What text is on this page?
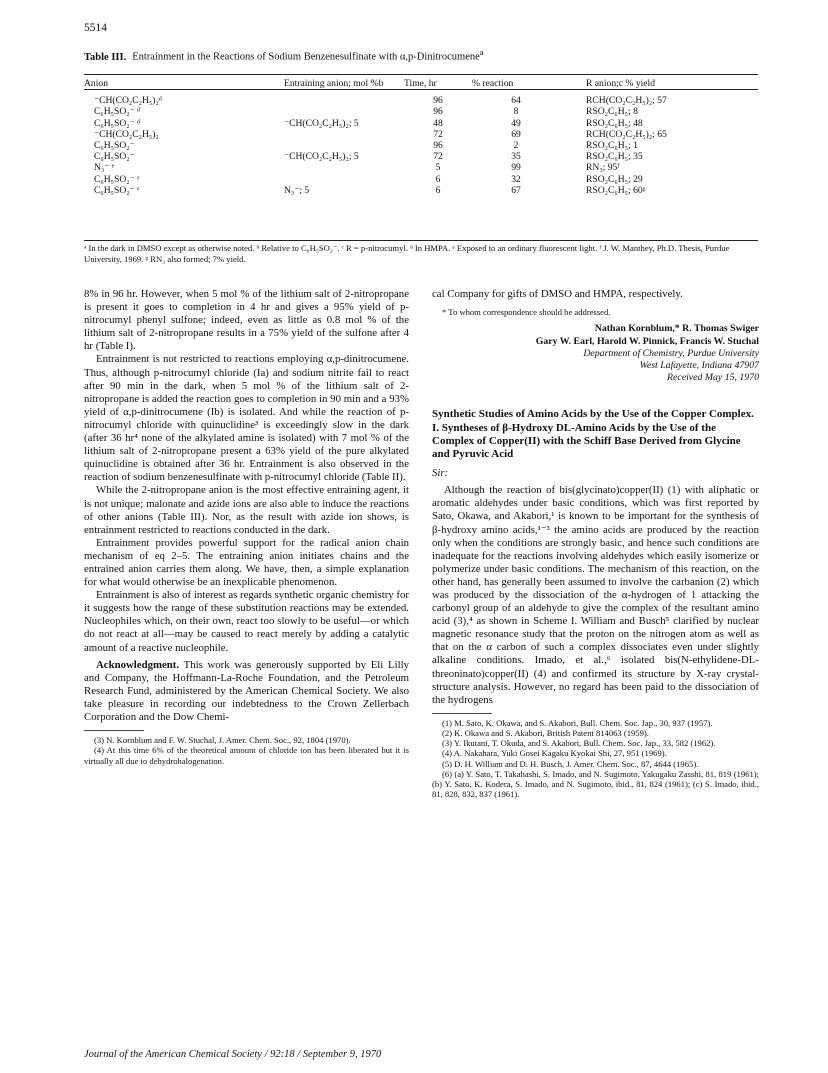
5514
Table III. Entrainment in the Reactions of Sodium Benzenesulfinate with α,p-Dinitrocumene$^a$
Anion	Entraining anion; mol %b	Time, hr	% reaction	R anion;c % yield

⁻CH(CO₂C₂H₅)₂ᵈ		96	64	RCH(CO₂C₂H₅)₂; 57
C₆H₅SO₂⁻ ᵈ		96	8	RSO₂C₆H₅; 8
C₆H₅SO₂⁻ ᵈ	⁻CH(CO₂C₂H₅)₂; 5	48	49	RSO₂C₆H₅; 48
⁻CH(CO₂C₂H₅)₂		72	69	RCH(CO₂C₂H₅)₂; 65
C₆H₅SO₂⁻		96	2	RSO₂C₆H₅; 1
C₆H₅SO₂⁻	⁻CH(CO₂C₂H₅)₂; 5	72	35	RSO₂C₆H₅; 35
N₃⁻ ᵉ		5	99	RN₃; 95ᶠ
C₆H₅SO₂⁻ ᵉ		6	32	RSO₂C₆H₅; 29
C₆H₅SO₂⁻ ᵉ	N₃⁻; 5	6	67	RSO₂C₆H₅; 60ᵍ
ᵃ In the dark in DMSO except as otherwise noted. ᵇ Relative to C₆H₅SO₂⁻. ᶜ R = p-nitrocumyl. ᵈ In HMPA. ᵉ Exposed to an ordinary fluorescent light. ᶠ J. W. Manthey, Ph.D. Thesis, Purdue University, 1969. ᵍ RN₃ also formed; 7% yield.

8% in 96 hr. However, when 5 mol % of the lithium salt of 2-nitropropane is present it goes to completion in 4 hr and gives a 95% yield of p-nitrocumyl phenyl sulfone; indeed, even as little as 0.8 mol % of the lithium salt of 2-nitropropane results in a 75% yield of the sulfone after 4 hr (Table I).

Entrainment is not restricted to reactions employing α,p-dinitrocumene. Thus, although p-nitrocumyl chloride (Ia) and sodium nitrite fail to react after 90 min in the dark, when 5 mol % of the lithium salt of 2-nitropropane is added the reaction goes to completion in 90 min and a 93% yield of α,p-dinitrocumene (Ib) is isolated. And while the reaction of p-nitrocumyl chloride with quinuclidine³ is exceedingly slow in the dark (after 36 hr⁴ none of the alkylated amine is isolated) with 7 mol % of the lithium salt of 2-nitropropane present a 63% yield of the pure alkylated quinuclidine is obtained after 36 hr. Entrainment is also observed in the reaction of sodium benzenesulfinate with p-nitrocumyl chloride (Table II).

While the 2-nitropropane anion is the most effective entraining agent, it is not unique; malonate and azide ions are also able to induce the reactions of other anions (Table III). Nor, as the result with azide ion shows, is entrainment restricted to reactions conducted in the dark.

Entrainment provides powerful support for the radical anion chain mechanism of eq 2–5. The entraining anion initiates chains and the entrained anion carries them along. We have, then, a simple explanation for what would otherwise be an inexplicable phenomenon.

Entrainment is also of interest as regards synthetic organic chemistry for it suggests how the range of these substitution reactions may be extended. Nucleophiles which, on their own, react too slowly to be useful—or which do not react at all—may be caused to react merely by adding a catalytic amount of a reactive nucleophile.

Acknowledgment. This work was generously supported by Eli Lilly and Company, the Hoffmann-La-Roche Foundation, and the Petroleum Research Fund, administered by the American Chemical Society. We also take pleasure in recording our indebtedness to the Crown Zellerbach Corporation and the Dow Chemi-

(3) N. Kornblum and F. W. Stuchal, J. Amer. Chem. Soc., 92, 1804 (1970).

(4) At this time 6% of the theoretical amount of chloride ion has been liberated but it is virtually all due to dehydrohalogenation.

cal Company for gifts of DMSO and HMPA, respectively.

* To whom correspondence should be addressed.

Nathan Kornblum,* R. Thomas Swiger
Gary W. Earl, Harold W. Pinnick, Francis W. Stuchal
Department of Chemistry, Purdue University
West Lafayette, Indiana 47907
Received May 15, 1970
Synthetic Studies of Amino Acids by the Use of the Copper Complex. I. Syntheses of β-Hydroxy DL-Amino Acids by the Use of the Complex of Copper(II) with the Schiff Base Derived from Glycine and Pyruvic Acid
Sir:

Although the reaction of bis(glycinato)copper(II) (1) with aliphatic or aromatic aldehydes under basic conditions, which was first reported by Sato, Okawa, and Akabori,¹ is known to be important for the synthesis of β-hydroxy amino acids,¹⁻³ the amino acids are produced by the reaction only when the conditions are strongly basic, and hence such conditions are inadequate for the reactions involving aldehydes which easily isomerize or polymerize under basic conditions. The mechanism of this reaction, on the other hand, has generally been assumed to involve the carbanion (2) which was produced by the dissociation of the α-hydrogen of 1 attacking the carbonyl group of an aldehyde to give the complex of the resultant amino acid (3),⁴ as shown in Scheme I. William and Busch⁵ clarified by nuclear magnetic resonance study that the proton on the nitrogen atom as well as that on the α carbon of such a complex dissociates even under slightly alkaline conditions. Imado, et al.,⁶ isolated bis(N-ethylidene-DL-threoninato)copper(II) (4) and confirmed its structure by X-ray crystal-structure analysis. However, no regard has been paid to the dissociation of the hydrogens

(1) M. Sato, K. Okawa, and S. Akabori, Bull. Chem. Soc. Jap., 30, 937 (1957).

(2) K. Okawa and S. Akabori, British Patent 814063 (1959).

(3) Y. Ikutani, T. Okuda, and S. Akabori, Bull. Chem. Soc. Jap., 33, 582 (1962).

(4) A. Nakahara, Yuki Gosei Kagaku Kyokai Shi, 27, 951 (1969).

(5) D. H. William and D. H. Busch, J. Amer. Chem. Soc., 87, 4644 (1965).

(6) (a) Y. Sato, T. Takahashi, S. Imado, and N. Sugimoto, Yakugaku Zasshi, 81, 819 (1961); (b) Y. Sato, K. Kodera, S. Imado, and N. Sugimoto, ibid., 81, 824 (1961); (c) S. Imado, ibid., 81, 828, 832, 837 (1961).

Journal of the American Chemical Society / 92:18 / September 9, 1970
